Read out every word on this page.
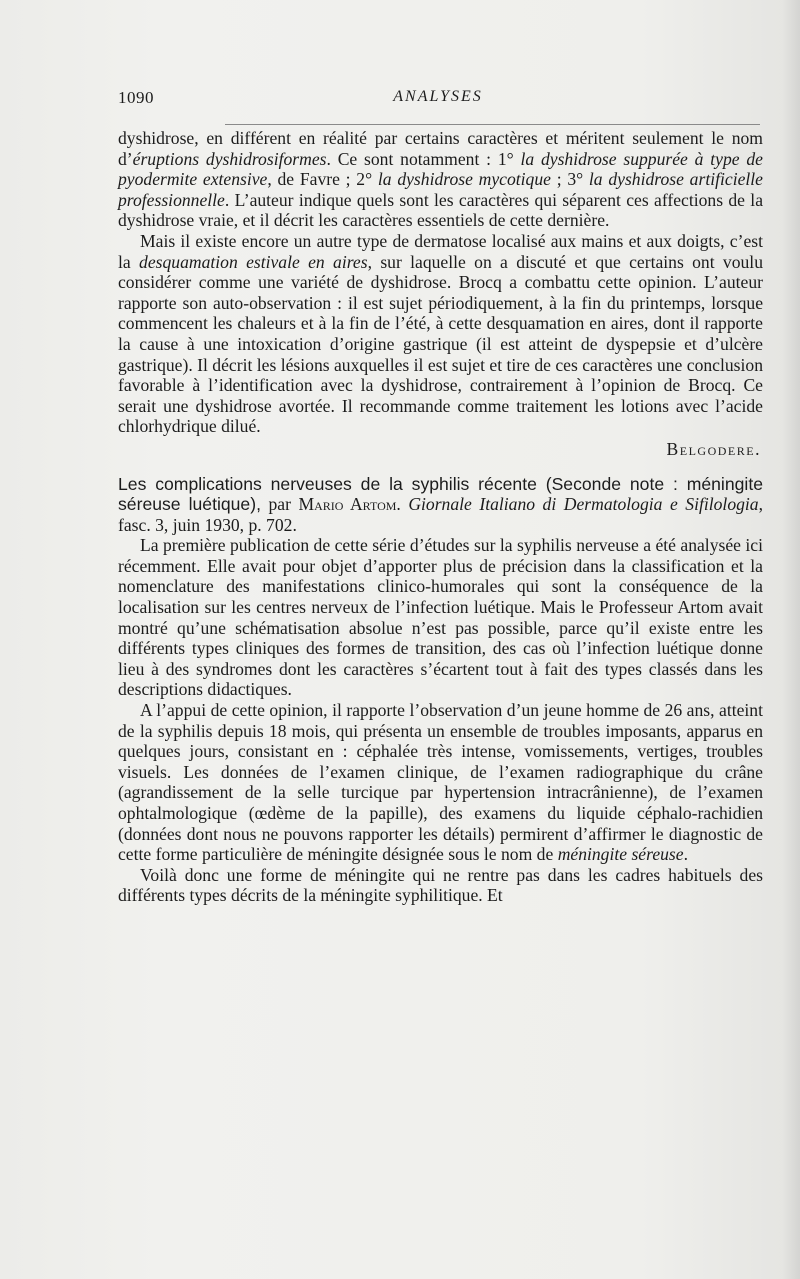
1090	ANALYSES

dyshidrose, en différent en réalité par certains caractères et méritent seulement le nom d’éruptions dyshidrosiformes. Ce sont notamment : 1° la dyshidrose suppurée à type de pyodermite extensive, de Favre ; 2° la dyshidrose mycotique ; 3° la dyshidrose artificielle professionnelle. L’auteur indique quels sont les caractères qui séparent ces affections de la dyshidrose vraie, et il décrit les caractères essentiels de cette dernière.

Mais il existe encore un autre type de dermatose localisé aux mains et aux doigts, c’est la desquamation estivale en aires, sur laquelle on a discuté et que certains ont voulu considérer comme une variété de dyshidrose. Brocq a combattu cette opinion. L’auteur rapporte son auto-observation : il est sujet périodiquement, à la fin du printemps, lorsque commencent les chaleurs et à la fin de l’été, à cette desquamation en aires, dont il rapporte la cause à une intoxication d’origine gastrique (il est atteint de dyspepsie et d’ulcère gastrique). Il décrit les lésions auxquelles il est sujet et tire de ces caractères une conclusion favorable à l’identification avec la dyshidrose, contrairement à l’opinion de Brocq. Ce serait une dyshidrose avortée. Il recommande comme traitement les lotions avec l’acide chlorhydrique dilué.

Belgodere.

Les complications nerveuses de la syphilis récente (Seconde note : méningite séreuse luétique), par Mario Artom. Giornale Italiano di Dermatologia e Sifilologia, fasc. 3, juin 1930, p. 702.

La première publication de cette série d’études sur la syphilis nerveuse a été analysée ici récemment. Elle avait pour objet d’apporter plus de précision dans la classification et la nomenclature des manifestations clinico-humorales qui sont la conséquence de la localisation sur les centres nerveux de l’infection luétique. Mais le Professeur Artom avait montré qu’une schématisation absolue n’est pas possible, parce qu’il existe entre les différents types cliniques des formes de transition, des cas où l’infection luétique donne lieu à des syndromes dont les caractères s’écartent tout à fait des types classés dans les descriptions didactiques.

A l’appui de cette opinion, il rapporte l’observation d’un jeune homme de 26 ans, atteint de la syphilis depuis 18 mois, qui présenta un ensemble de troubles imposants, apparus en quelques jours, consistant en : céphalée très intense, vomissements, vertiges, troubles visuels. Les données de l’examen clinique, de l’examen radiographique du crâne (agrandissement de la selle turcique par hypertension intracrânienne), de l’examen ophtalmologique (œdème de la papille), des examens du liquide céphalo-rachidien (données dont nous ne pouvons rapporter les détails) permirent d’affirmer le diagnostic de cette forme particulière de méningite désignée sous le nom de méningite séreuse.

Voilà donc une forme de méningite qui ne rentre pas dans les cadres habituels des différents types décrits de la méningite syphilitique. Et
